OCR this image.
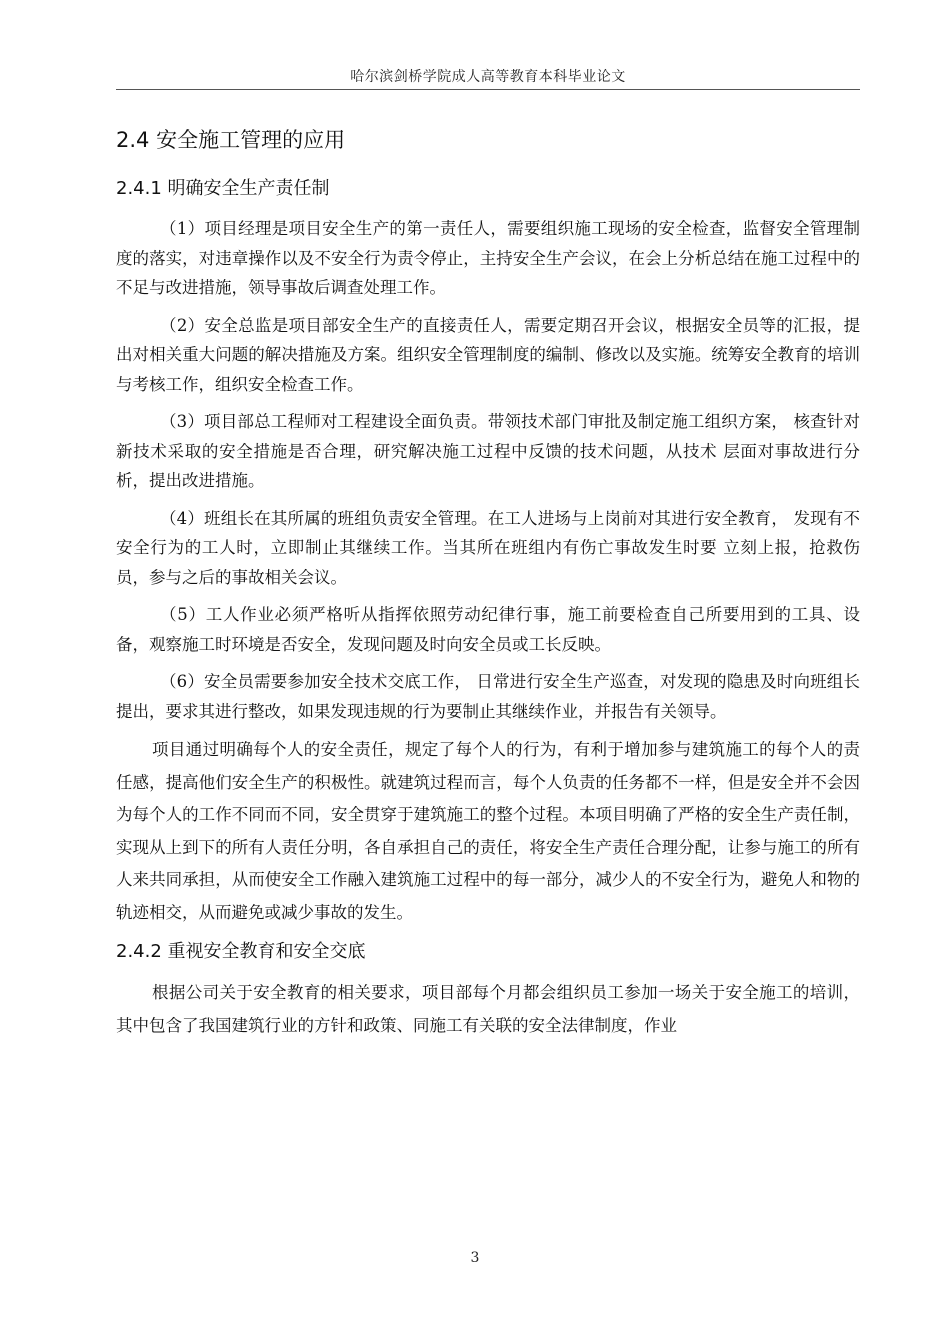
哈尔滨剑桥学院成人高等教育本科毕业论文
2.4 安全施工管理的应用
2.4.1 明确安全生产责任制

（1）项目经理是项目安全生产的第一责任人，需要组织施工现场的安全检查，监督安全管理制度的落实，对违章操作以及不安全行为责令停止，主持安全生产会议，在会上分析总结在施工过程中的不足与改进措施，领导事故后调查处理工作。

（2）安全总监是项目部安全生产的直接责任人，需要定期召开会议，根据安全员等的汇报，提出对相关重大问题的解决措施及方案。组织安全管理制度的编制、修改以及实施。统筹安全教育的培训与考核工作，组织安全检查工作。

（3）项目部总工程师对工程建设全面负责。带领技术部门审批及制定施工组织方案， 核查针对新技术采取的安全措施是否合理，研究解决施工过程中反馈的技术问题，从技术 层面对事故进行分析，提出改进措施。

（4）班组长在其所属的班组负责安全管理。在工人进场与上岗前对其进行安全教育， 发现有不安全行为的工人时，立即制止其继续工作。当其所在班组内有伤亡事故发生时要 立刻上报，抢救伤员，参与之后的事故相关会议。

（5）工人作业必须严格听从指挥依照劳动纪律行事，施工前要检查自己所要用到的工具、设备，观察施工时环境是否安全，发现问题及时向安全员或工长反映。

（6）安全员需要参加安全技术交底工作， 日常进行安全生产巡查，对发现的隐患及时向班组长提出，要求其进行整改，如果发现违规的行为要制止其继续作业，并报告有关领导。

项目通过明确每个人的安全责任，规定了每个人的行为，有利于增加参与建筑施工的每个人的责任感，提高他们安全生产的积极性。就建筑过程而言，每个人负责的任务都不一样，但是安全并不会因为每个人的工作不同而不同，安全贯穿于建筑施工的整个过程。本项目明确了严格的安全生产责任制，实现从上到下的所有人责任分明，各自承担自己的责任，将安全生产责任合理分配，让参与施工的所有人来共同承担，从而使安全工作融入建筑施工过程中的每一部分，减少人的不安全行为，避免人和物的轨迹相交，从而避免或减少事故的发生。

2.4.2 重视安全教育和安全交底

根据公司关于安全教育的相关要求，项目部每个月都会组织员工参加一场关于安全施工的培训，其中包含了我国建筑行业的方针和政策、同施工有关联的安全法律制度，作业

3
